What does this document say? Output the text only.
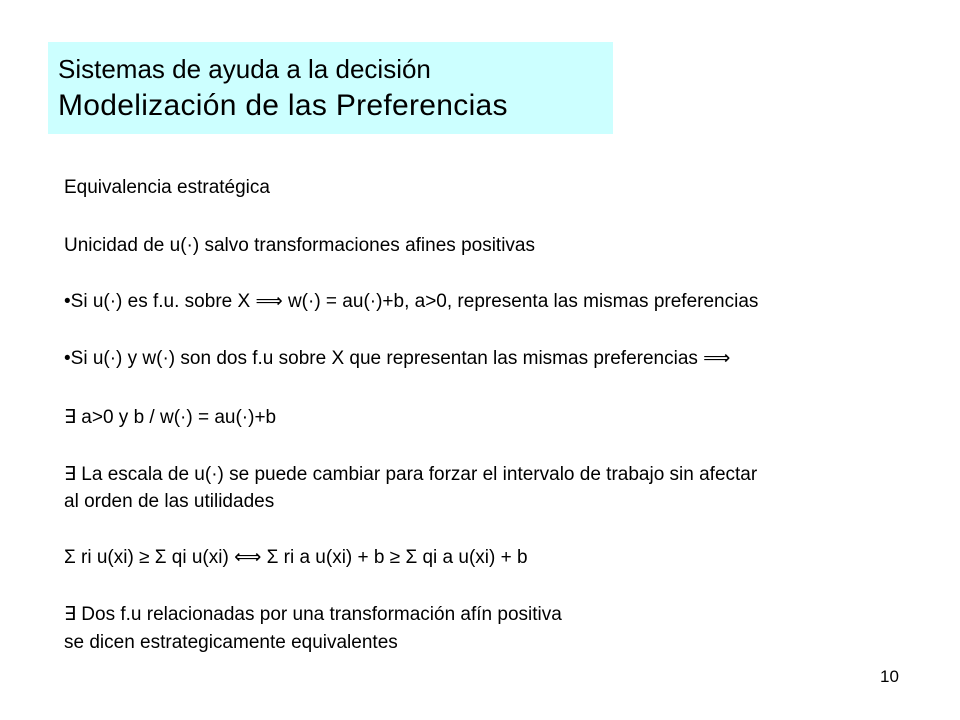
Sistemas de ayuda a la decisión
Modelización de las Preferencias
Equivalencia estratégica
Unicidad de u(·) salvo transformaciones afines positivas
•Si u(·) es f.u. sobre X ⟹ w(·) = au(·)+b, a>0, representa las mismas preferencias
•Si u(·) y w(·) son dos f.u sobre X que representan las mismas preferencias ⟹
∃ a>0 y b / w(·) = au(·)+b
∃ La escala de u(·) se puede cambiar para forzar el intervalo de trabajo sin afectar
al orden de las utilidades
Σ ri u(xi) ≥ Σ qi u(xi) ⟺ Σ ri a u(xi) + b ≥ Σ qi a u(xi) + b
∃ Dos f.u relacionadas por una transformación afín positiva
se dicen estrategicamente equivalentes
10
